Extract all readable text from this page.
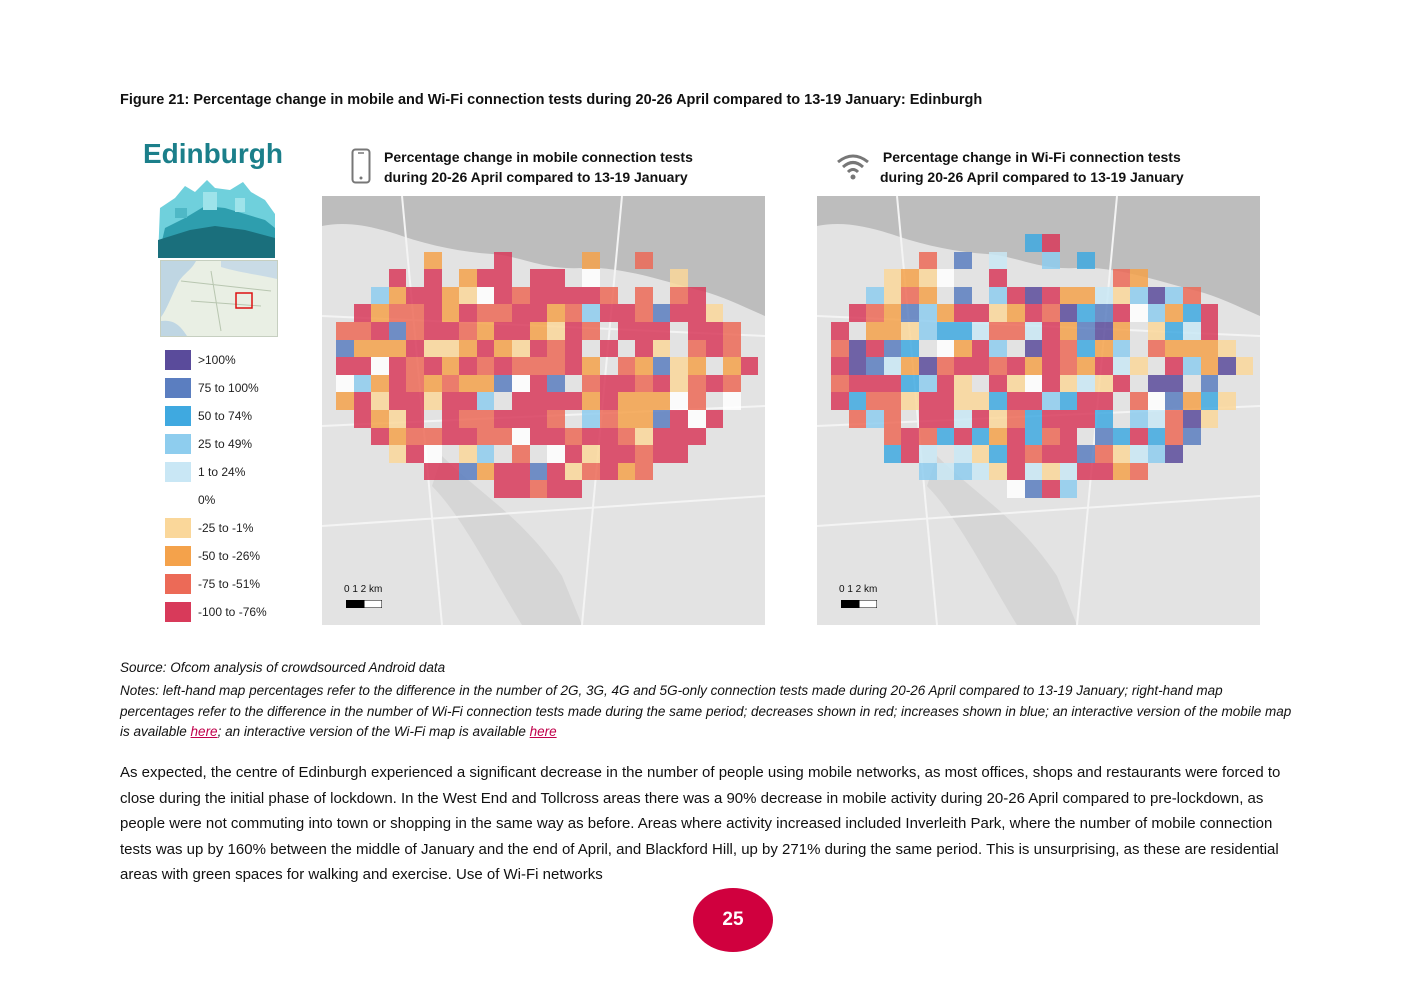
Figure 21: Percentage change in mobile and Wi-Fi connection tests during 20-26 April compared to 13-19 January: Edinburgh
Edinburgh
>100%
75 to 100%
50 to 74%
25 to 49%
1 to 24%
0%
-25 to -1%
-50 to -26%
-75 to -51%
-100 to -76%
Percentage change in mobile connection tests
during 20-26 April compared to 13-19 January
Percentage change in Wi-Fi connection tests
during 20-26 April compared to 13-19 January
0 1 2 km	0 1 2 km
Source: Ofcom analysis of crowdsourced Android data
Notes: left-hand map percentages refer to the difference in the number of 2G, 3G, 4G and 5G-only connection tests made during 20-26 April compared to 13-19 January; right-hand map percentages refer to the difference in the number of Wi-Fi connection tests made during the same period; decreases shown in red; increases shown in blue; an interactive version of the mobile map is available here; an interactive version of the Wi-Fi map is available here
As expected, the centre of Edinburgh experienced a significant decrease in the number of people using mobile networks, as most offices, shops and restaurants were forced to close during the initial phase of lockdown. In the West End and Tollcross areas there was a 90% decrease in mobile activity during 20-26 April compared to pre-lockdown, as people were not commuting into town or shopping in the same way as before. Areas where activity increased included Inverleith Park, where the number of mobile connection tests was up by 160% between the middle of January and the end of April, and Blackford Hill, up by 271% during the same period. This is unsurprising, as these are residential areas with green spaces for walking and exercise. Use of Wi-Fi networks
25
